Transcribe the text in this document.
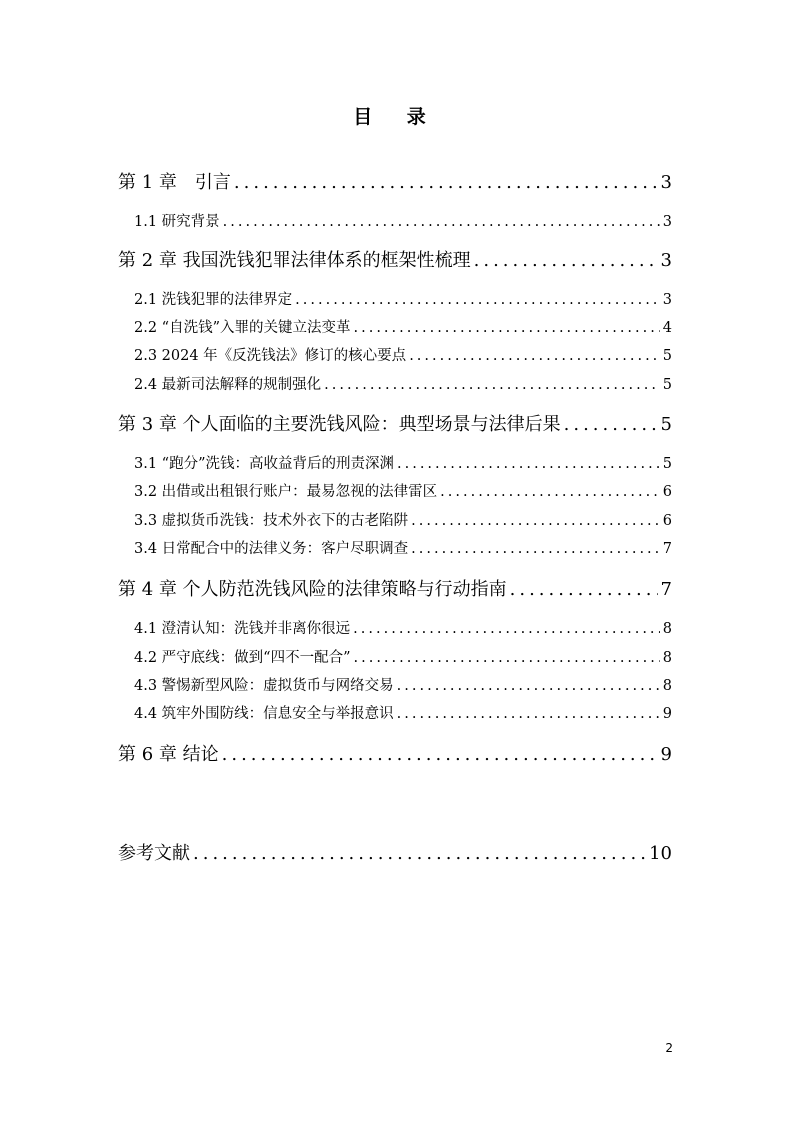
目 录
第 1 章　引言 .....	3
1.1 研究背景 .....	3
第 2 章 我国洗钱犯罪法律体系的框架性梳理 .....	3
2.1 洗钱犯罪的法律界定 .....	3
2.2 “自洗钱”入罪的关键立法变革 .....	4
2.3 2024 年《反洗钱法》修订的核心要点 .....	5
2.4 最新司法解释的规制强化 .....	5
第 3 章 个人面临的主要洗钱风险：典型场景与法律后果 .....	5
3.1 “跑分”洗钱：高收益背后的刑责深渊 .....	5
3.2 出借或出租银行账户：最易忽视的法律雷区 .....	6
3.3 虚拟货币洗钱：技术外衣下的古老陷阱 .....	6
3.4 日常配合中的法律义务：客户尽职调查 .....	7
第 4 章 个人防范洗钱风险的法律策略与行动指南 .....	7
4.1 澄清认知：洗钱并非离你很远 .....	8
4.2 严守底线：做到“四不一配合” .....	8
4.3 警惕新型风险：虚拟货币与网络交易 .....	8
4.4 筑牢外围防线：信息安全与举报意识 .....	9
第 6 章 结论 .....	9
参考文献 .....	10
2
